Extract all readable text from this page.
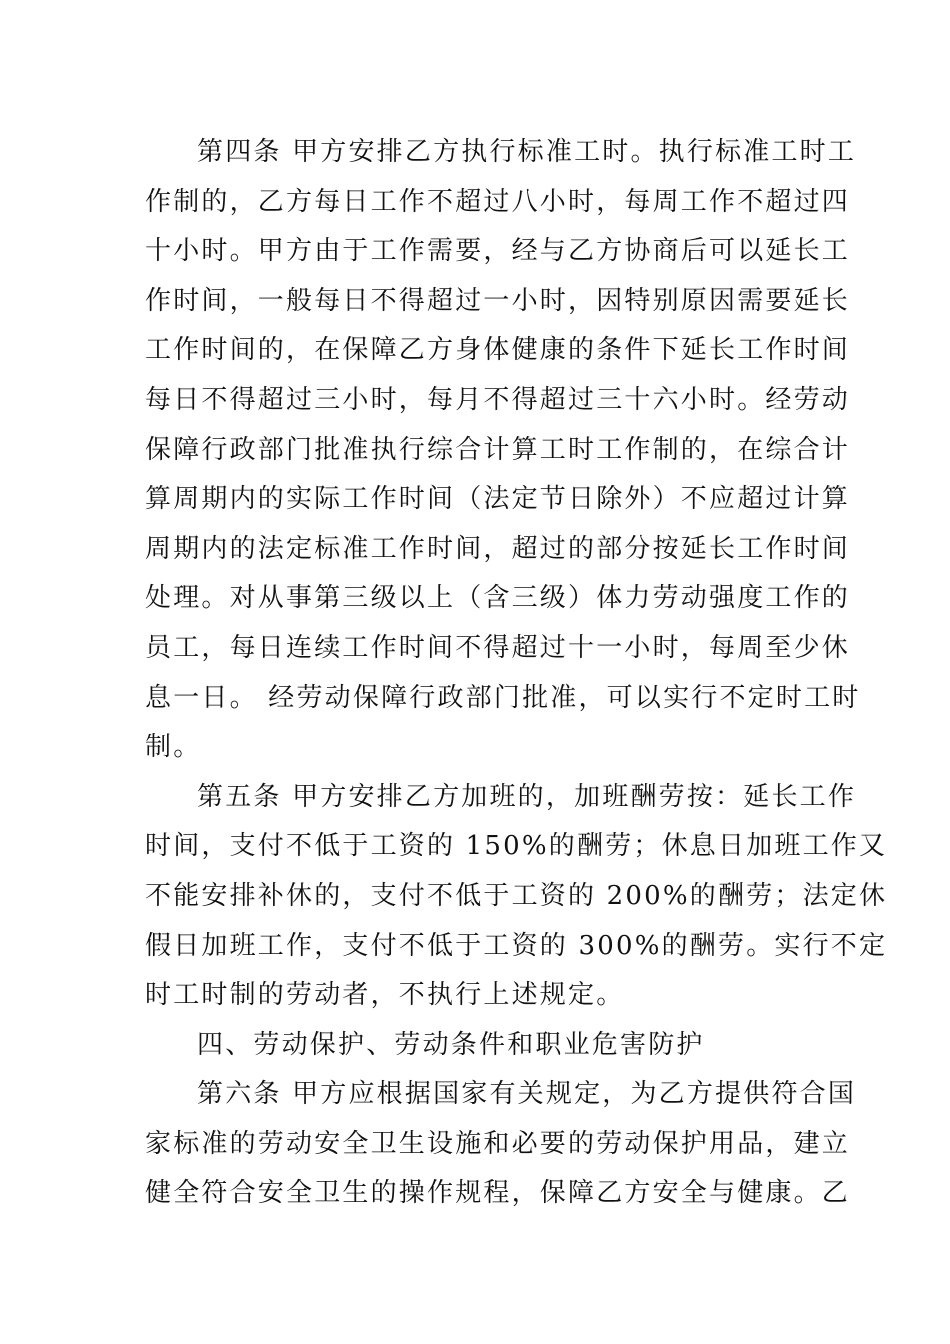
第四条 甲方安排乙方执行标准工时。执行标准工时工
作制的，乙方每日工作不超过八小时，每周工作不超过四
十小时。甲方由于工作需要，经与乙方协商后可以延长工
作时间，一般每日不得超过一小时，因特别原因需要延长
工作时间的，在保障乙方身体健康的条件下延长工作时间
每日不得超过三小时，每月不得超过三十六小时。经劳动
保障行政部门批准执行综合计算工时工作制的，在综合计
算周期内的实际工作时间（法定节日除外）不应超过计算
周期内的法定标准工作时间，超过的部分按延长工作时间
处理。对从事第三级以上（含三级）体力劳动强度工作的
员工，每日连续工作时间不得超过十一小时，每周至少休
息一日。 经劳动保障行政部门批准，可以实行不定时工时
制。

第五条 甲方安排乙方加班的，加班酬劳按：延长工作
时间，支付不低于工资的 150%的酬劳；休息日加班工作又
不能安排补休的，支付不低于工资的 200%的酬劳；法定休
假日加班工作，支付不低于工资的 300%的酬劳。实行不定
时工时制的劳动者，不执行上述规定。

四、劳动保护、劳动条件和职业危害防护

第六条 甲方应根据国家有关规定，为乙方提供符合国
家标准的劳动安全卫生设施和必要的劳动保护用品，建立
健全符合安全卫生的操作规程，保障乙方安全与健康。乙
